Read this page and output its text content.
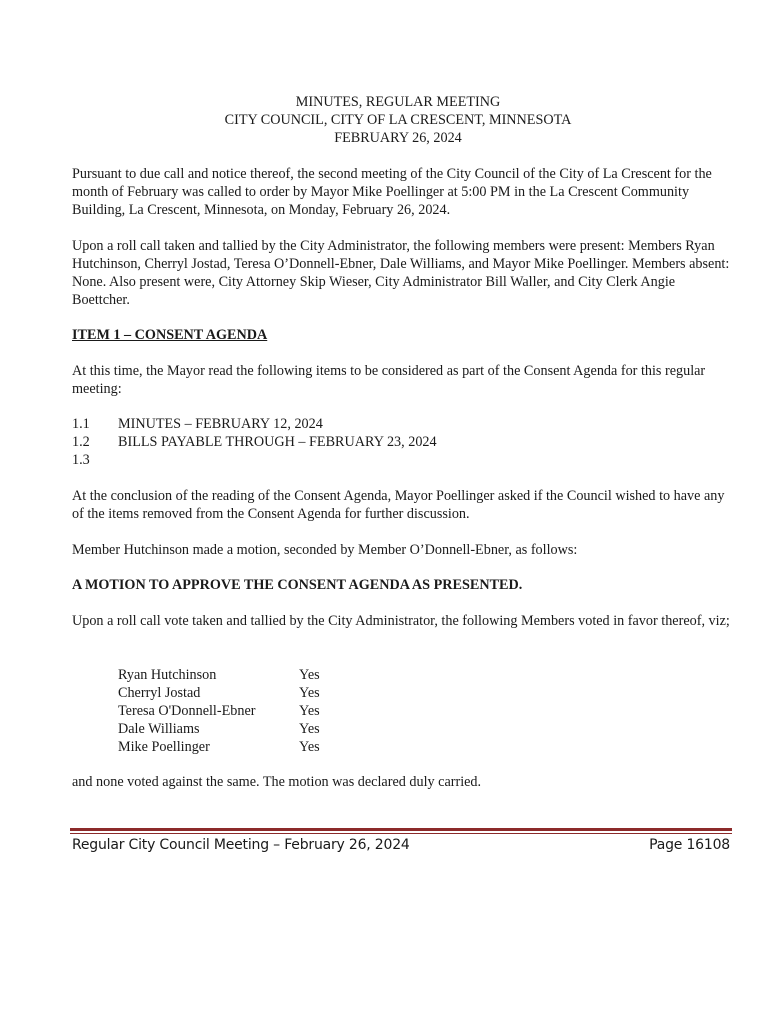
MINUTES, REGULAR MEETING
CITY COUNCIL, CITY OF LA CRESCENT, MINNESOTA
FEBRUARY 26, 2024

Pursuant to due call and notice thereof, the second meeting of the City Council of the City of La Crescent for the month of February was called to order by Mayor Mike Poellinger at 5:00 PM in the La Crescent Community Building, La Crescent, Minnesota, on Monday, February 26, 2024.

Upon a roll call taken and tallied by the City Administrator, the following members were present: Members Ryan Hutchinson, Cherryl Jostad, Teresa O’Donnell-Ebner, Dale Williams, and Mayor Mike Poellinger. Members absent: None. Also present were, City Attorney Skip Wieser, City Administrator Bill Waller, and City Clerk Angie Boettcher.

ITEM 1 – CONSENT AGENDA

At this time, the Mayor read the following items to be considered as part of the Consent Agenda for this regular meeting:

1.1	MINUTES – FEBRUARY 12, 2024
1.2	BILLS PAYABLE THROUGH – FEBRUARY 23, 2024
1.3

At the conclusion of the reading of the Consent Agenda, Mayor Poellinger asked if the Council wished to have any of the items removed from the Consent Agenda for further discussion.

Member Hutchinson made a motion, seconded by Member O’Donnell-Ebner, as follows:

A MOTION TO APPROVE THE CONSENT AGENDA AS PRESENTED.

Upon a roll call vote taken and tallied by the City Administrator, the following Members voted in favor thereof, viz;

Ryan Hutchinson	Yes
Cherryl Jostad	Yes
Teresa O'Donnell-Ebner	Yes
Dale Williams	Yes
Mike Poellinger	Yes

and none voted against the same. The motion was declared duly carried.

Regular City Council Meeting – February 26, 2024	Page 16108
